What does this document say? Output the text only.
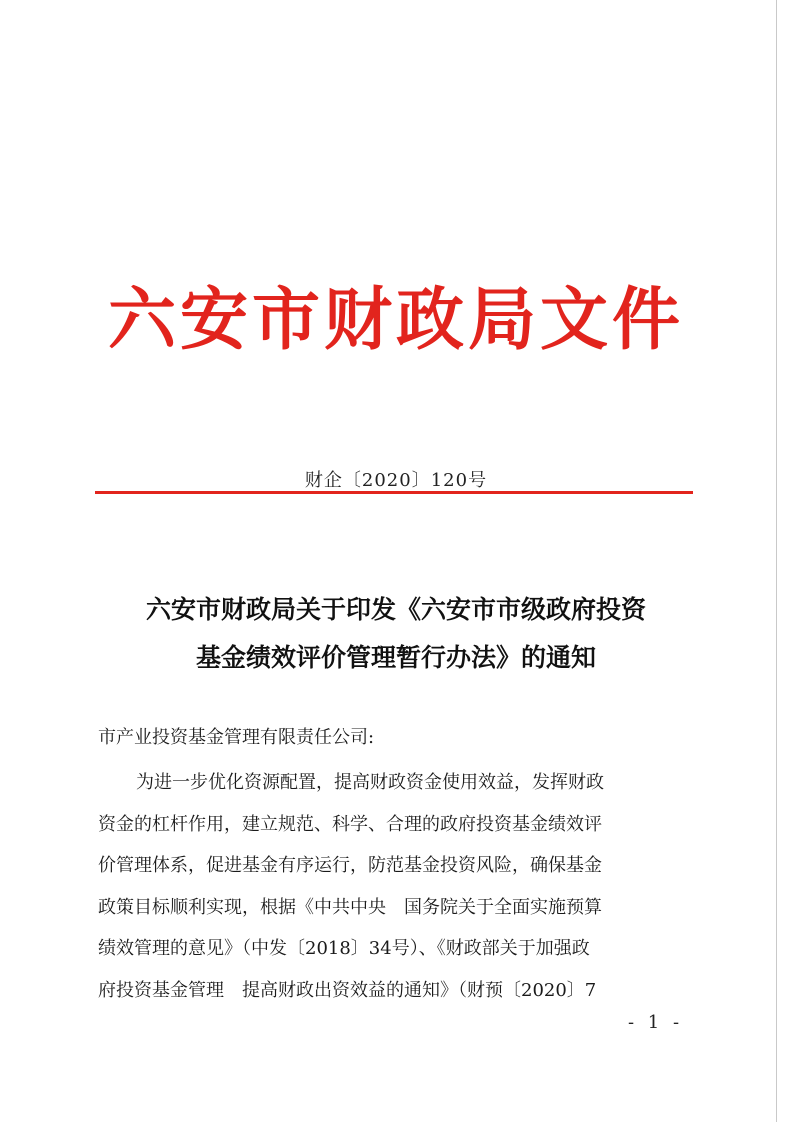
六安市财政局文件
财企〔2020〕120号
六安市财政局关于印发《六安市市级政府投资
基金绩效评价管理暂行办法》的通知
市产业投资基金管理有限责任公司:
为进一步优化资源配置，提高财政资金使用效益，发挥财政
资金的杠杆作用，建立规范、科学、合理的政府投资基金绩效评
价管理体系，促进基金有序运行，防范基金投资风险，确保基金
政策目标顺利实现，根据《中共中央　国务院关于全面实施预算
绩效管理的意见》（中发〔2018〕34号）、《财政部关于加强政
府投资基金管理　提高财政出资效益的通知》（财预〔2020〕7
- 1 -
